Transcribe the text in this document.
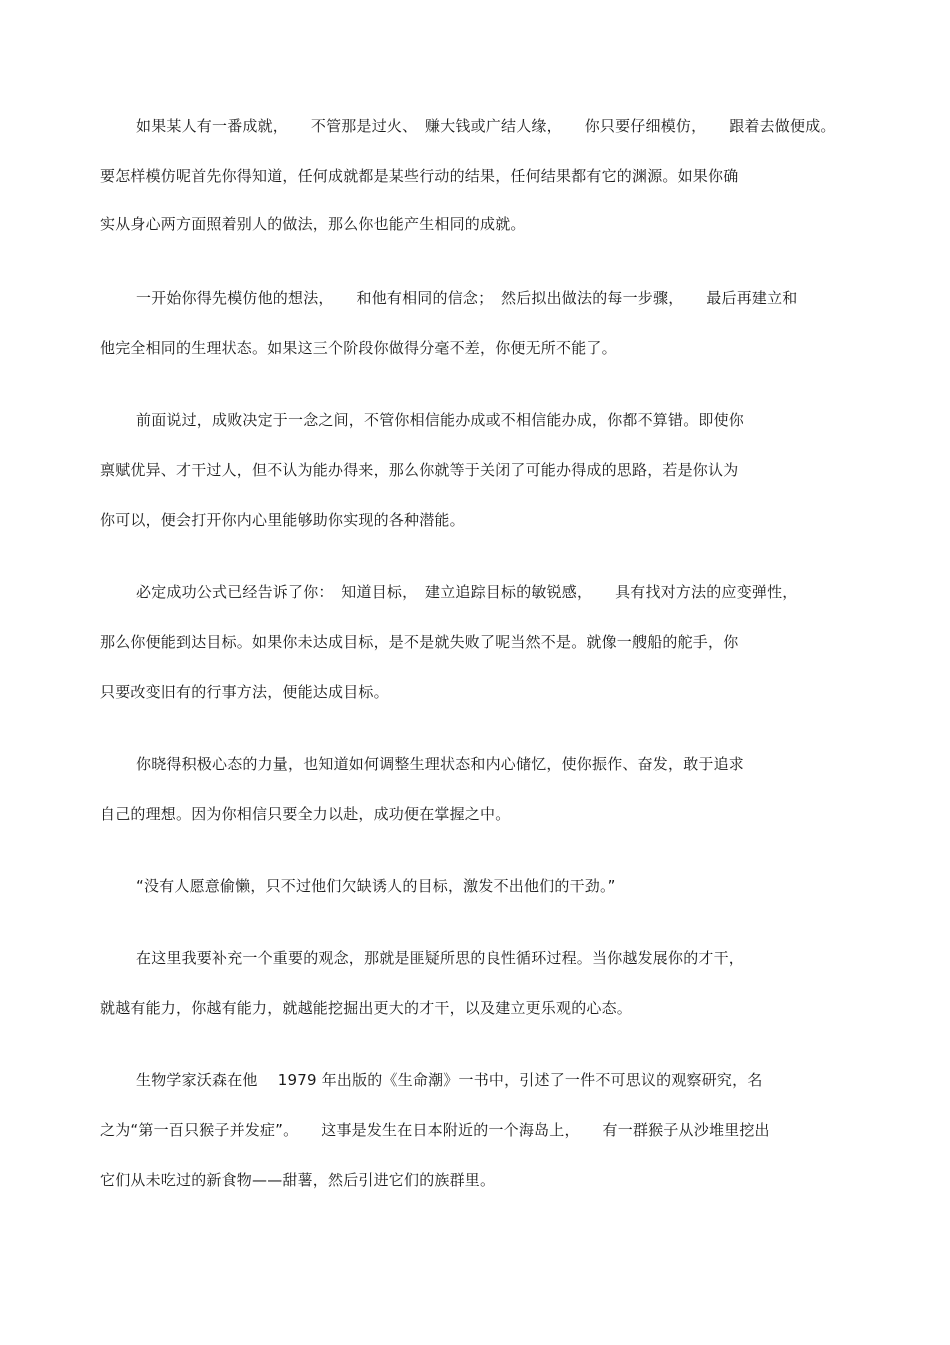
如果某人有一番成就，　　不管那是过火、　赚大钱或广结人缘，　　你只要仔细模仿，　　跟着去做便成。
要怎样模仿呢首先你得知道，任何成就都是某些行动的结果，任何结果都有它的渊源。如果你确
实从身心两方面照着别人的做法，那么你也能产生相同的成就。
一开始你得先模仿他的想法，　　和他有相同的信念；　然后拟出做法的每一步骤，　　最后再建立和
他完全相同的生理状态。如果这三个阶段你做得分毫不差，你便无所不能了。
前面说过，成败决定于一念之间，不管你相信能办成或不相信能办成，你都不算错。即使你
禀赋优异、才干过人，但不认为能办得来，那么你就等于关闭了可能办得成的思路，若是你认为
你可以，便会打开你内心里能够助你实现的各种潜能。
必定成功公式已经告诉了你：　知道目标，　建立追踪目标的敏锐感，　　具有找对方法的应变弹性，
那么你便能到达目标。如果你未达成目标，是不是就失败了呢当然不是。就像一艘船的舵手，你
只要改变旧有的行事方法，便能达成目标。
你晓得积极心态的力量，也知道如何调整生理状态和内心储忆，使你振作、奋发，敢于追求
自己的理想。因为你相信只要全力以赴，成功便在掌握之中。
“没有人愿意偷懒，只不过他们欠缺诱人的目标，激发不出他们的干劲。”
在这里我要补充一个重要的观念，那就是匪疑所思的良性循环过程。当你越发展你的才干，
就越有能力，你越有能力，就越能挖掘出更大的才干，以及建立更乐观的心态。
生物学家沃森在他　 1979 年出版的《生命潮》一书中，引述了一件不可思议的观察研究，名
之为“第一百只猴子并发症”。　　这事是发生在日本附近的一个海岛上，　　有一群猴子从沙堆里挖出
它们从未吃过的新食物——甜薯，然后引进它们的族群里。
